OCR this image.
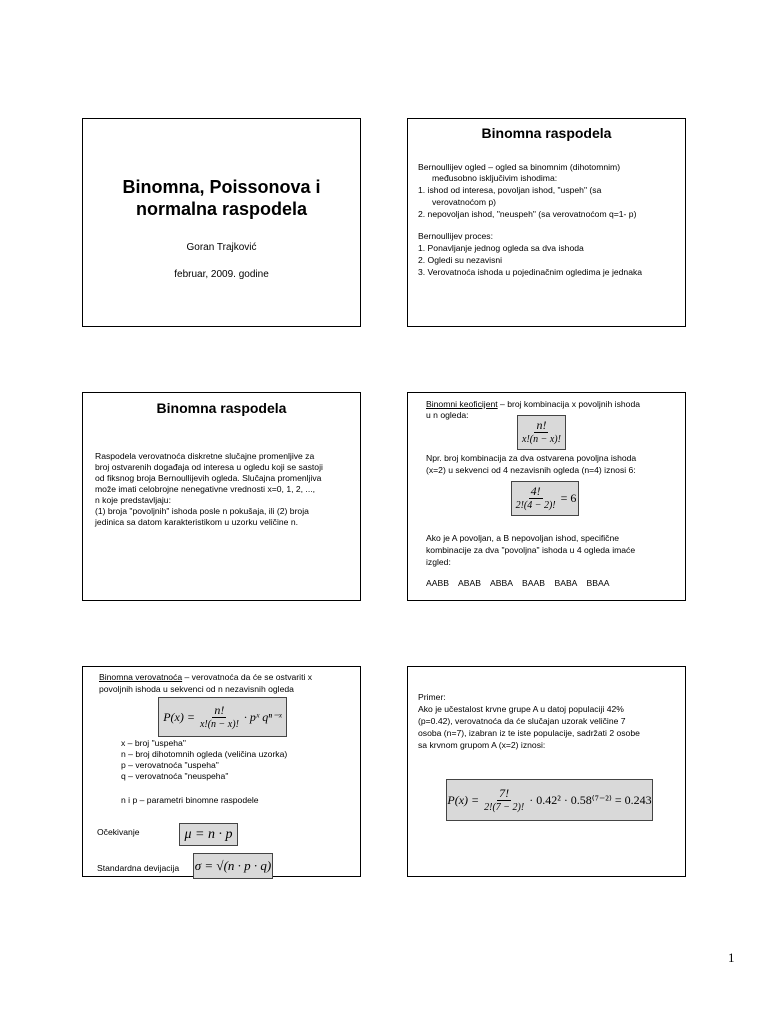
Binomna, Poissonova i
normalna raspodela
Goran Trajković
februar, 2009. godine
Binomna raspodela
Bernoullijev ogled – ogled sa binomnim (dihotomnim)
međusobno isključivim ishodima:
1. ishod od interesa, povoljan ishod, "uspeh" (sa
verovatnoćom p)
2. nepovoljan ishod, "neuspeh" (sa verovatnoćom q=1- p)
Bernoullijev proces:
1. Ponavljanje jednog ogleda sa dva ishoda
2. Ogledi su nezavisni
3. Verovatnoća ishoda u pojedinačnim ogledima je jednaka
Binomna raspodela
Raspodela verovatnoća diskretne slučajne promenljive za
broj ostvarenih događaja od interesa u ogledu koji se sastoji
od fiksnog broja Bernoullijevih ogleda. Slučajna promenljiva
može imati celobrojne nenegativne vrednosti x=0, 1, 2, ...,
n koje predstavljaju:
(1) broja "povoljnih" ishoda posle n pokušaja, ili (2) broja
jedinica sa datom karakteristikom u uzorku veličine n.
Binomni keoficijent – broj kombinacija x povoljnih ishoda
u n ogleda:
$\frac{n!}{x!(n - x)!}$
Npr. broj kombinacija za dva ostvarena povoljna ishoda
(x=2) u sekvenci od 4 nezavisnih ogleda (n=4) iznosi 6:
$\frac{4!}{2!(4 - 2)!} = 6$
Ako je A povoljan, a B nepovoljan ishod, specifične
kombinacije za dva "povoljna" ishoda u 4 ogleda imaće
izgled:
AABB    ABAB    ABBA    BAAB    BABA    BBAA
Binomna verovatnoća – verovatnoća da će se ostvariti x
povoljnih ishoda u sekvenci od n nezavisnih ogleda
$P(x) = \frac{n!}{x!(n - x)!}$ · pˣ qⁿ⁻ˣ
x – broj "uspeha"
n – broj dihotomnih ogleda (veličina uzorka)
p – verovatnoća "uspeha"
q – verovatnoća "neuspeha"
n i p – parametri binomne raspodele
Očekivanje	μ = n · p
Standardna devijacija σ = √(n · p · q)
Primer:
Ako je učestalost krvne grupe A u datoj populaciji 42%
(p=0.42), verovatnoća da će slučajan uzorak veličine 7
osoba (n=7), izabran iz te iste populacije, sadržati 2 osobe
sa krvnom grupom A (x=2) iznosi:
$P(x) = \frac{7!}{2!(7 - 2)!} \cdot 0.42^2 \cdot 0.58^{(7-2)} = 0.243$
1
